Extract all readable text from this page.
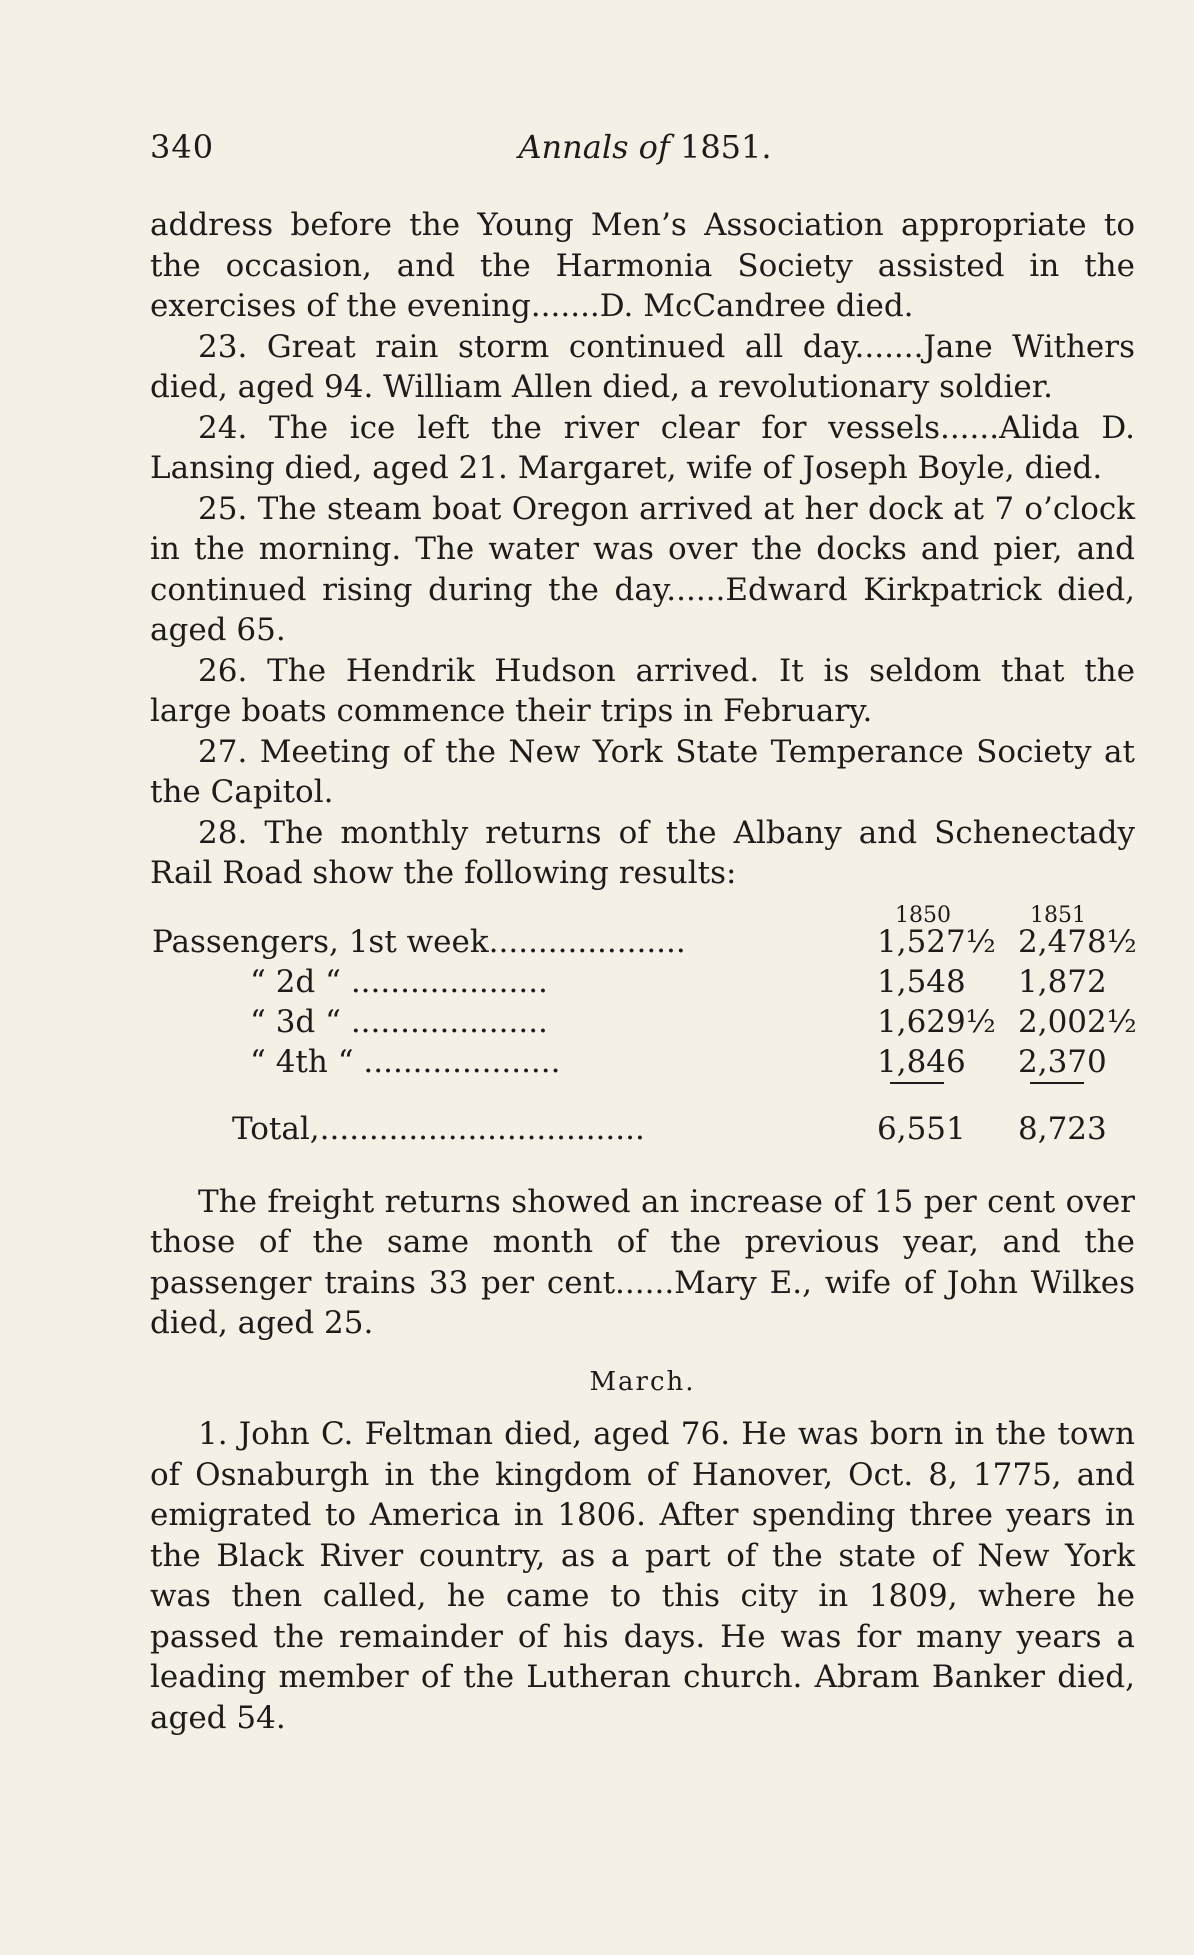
340	Annals of 1851.

address before the Young Men’s Association appropriate to the occasion, and the Harmonia Society assisted in the exercises of the evening.......D. McCandree died.

23. Great rain storm continued all day.......Jane Withers died, aged 94. William Allen died, a revolutionary soldier.

24. The ice left the river clear for vessels......Alida D. Lansing died, aged 21. Margaret, wife of Joseph Boyle, died.

25. The steam boat Oregon arrived at her dock at 7 o’clock in the morning. The water was over the docks and pier, and continued rising during the day......Edward Kirkpatrick died, aged 65.

26. The Hendrik Hudson arrived. It is seldom that the large boats commence their trips in February.

27. Meeting of the New York State Temperance Society at the Capitol.

28. The monthly returns of the Albany and Schenectady Rail Road show the following results:

1850	1851
Passengers, 1st week....................	1,527½ 2,478½
“ 2d “ ....................	1,548	1,872
“ 3d “ ....................	1,629½ 2,002½
“ 4th “ ....................	1,846	2,370
Total,.................................	6,551	8,723

The freight returns showed an increase of 15 per cent over those of the same month of the previous year, and the passenger trains 33 per cent......Mary E., wife of John Wilkes died, aged 25.

March.

1. John C. Feltman died, aged 76. He was born in the town of Osnaburgh in the kingdom of Hanover, Oct. 8, 1775, and emigrated to America in 1806. After spending three years in the Black River country, as a part of the state of New York was then called, he came to this city in 1809, where he passed the remainder of his days. He was for many years a leading member of the Lutheran church. Abram Banker died, aged 54.
